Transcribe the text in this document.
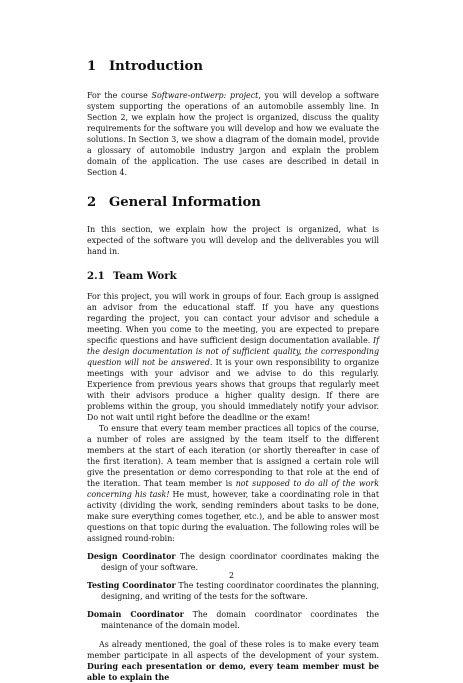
1 Introduction

For the course Software-ontwerp: project, you will develop a software system supporting the operations of an automobile assembly line. In Section 2, we explain how the project is organized, discuss the quality requirements for the software you will develop and how we evaluate the solutions. In Section 3, we show a diagram of the domain model, provide a glossary of automobile industry jargon and explain the problem domain of the application. The use cases are described in detail in Section 4.

2 General Information

In this section, we explain how the project is organized, what is expected of the software you will develop and the deliverables you will hand in.

2.1 Team Work

For this project, you will work in groups of four. Each group is assigned an advisor from the educational staff. If you have any questions regarding the project, you can contact your advisor and schedule a meeting. When you come to the meeting, you are expected to prepare specific questions and have sufficient design documentation available. If the design documentation is not of sufficient quality, the corresponding question will not be answered. It is your own responsibility to organize meetings with your advisor and we advise to do this regularly. Experience from previous years shows that groups that regularly meet with their advisors produce a higher quality design. If there are problems within the group, you should immediately notify your advisor. Do not wait until right before the deadline or the exam!

To ensure that every team member practices all topics of the course, a number of roles are assigned by the team itself to the different members at the start of each iteration (or shortly thereafter in case of the first iteration). A team member that is assigned a certain role will give the presentation or demo corresponding to that role at the end of the iteration. That team member is not supposed to do all of the work concerning his task! He must, however, take a coordinating role in that activity (dividing the work, sending reminders about tasks to be done, make sure everything comes together, etc.), and be able to answer most questions on that topic during the evaluation. The following roles will be assigned round-robin:

Design Coordinator The design coordinator coordinates making the design of your software.
Testing Coordinator The testing coordinator coordinates the planning, designing, and writing of the tests for the software.
Domain Coordinator The domain coordinator coordinates the maintenance of the domain model.

As already mentioned, the goal of these roles is to make every team member participate in all aspects of the development of your system. During each presentation or demo, every team member must be able to explain the

2
